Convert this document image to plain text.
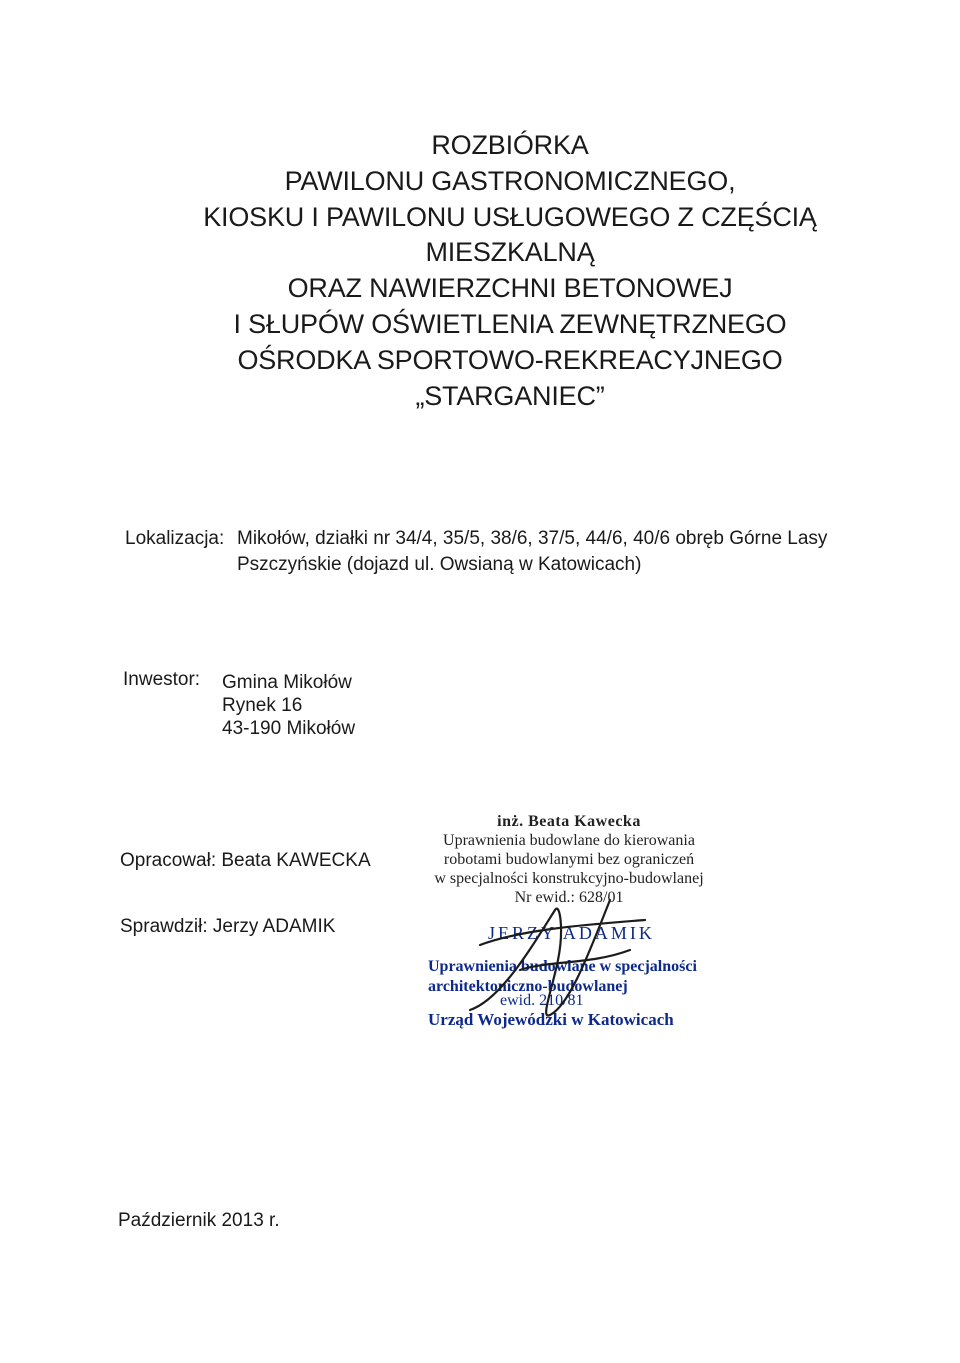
ROZBIÓRKA
PAWILONU GASTRONOMICZNEGO,
KIOSKU I PAWILONU USŁUGOWEGO Z CZĘŚCIĄ
MIESZKALNĄ
ORAZ NAWIERZCHNI BETONOWEJ
I SŁUPÓW OŚWIETLENIA ZEWNĘTRZNEGO
OŚRODKA SPORTOWO-REKREACYJNEGO
„STARGANIEC”
Lokalizacja: Mikołów, działki nr 34/4, 35/5, 38/6, 37/5, 44/6, 40/6 obręb Górne Lasy
Pszczyńskie (dojazd ul. Owsianą w Katowicach)
Inwestor: Gmina Mikołów
Rynek 16
43-190 Mikołów
Opracował: Beata KAWECKA
Sprawdził: Jerzy ADAMIK
inż. Beata Kawecka
Uprawnienia budowlane do kierowania
robotami budowlanymi bez ograniczeń
w specjalności konstrukcyjno-budowlanej
Nr ewid.: 628/01
JERZY ADAMIK
Uprawnienia budowlane w specjalności
architektoniczno-budowlanej
ewid. 210/81
Urząd Wojewódzki w Katowicach
Październik 2013 r.
